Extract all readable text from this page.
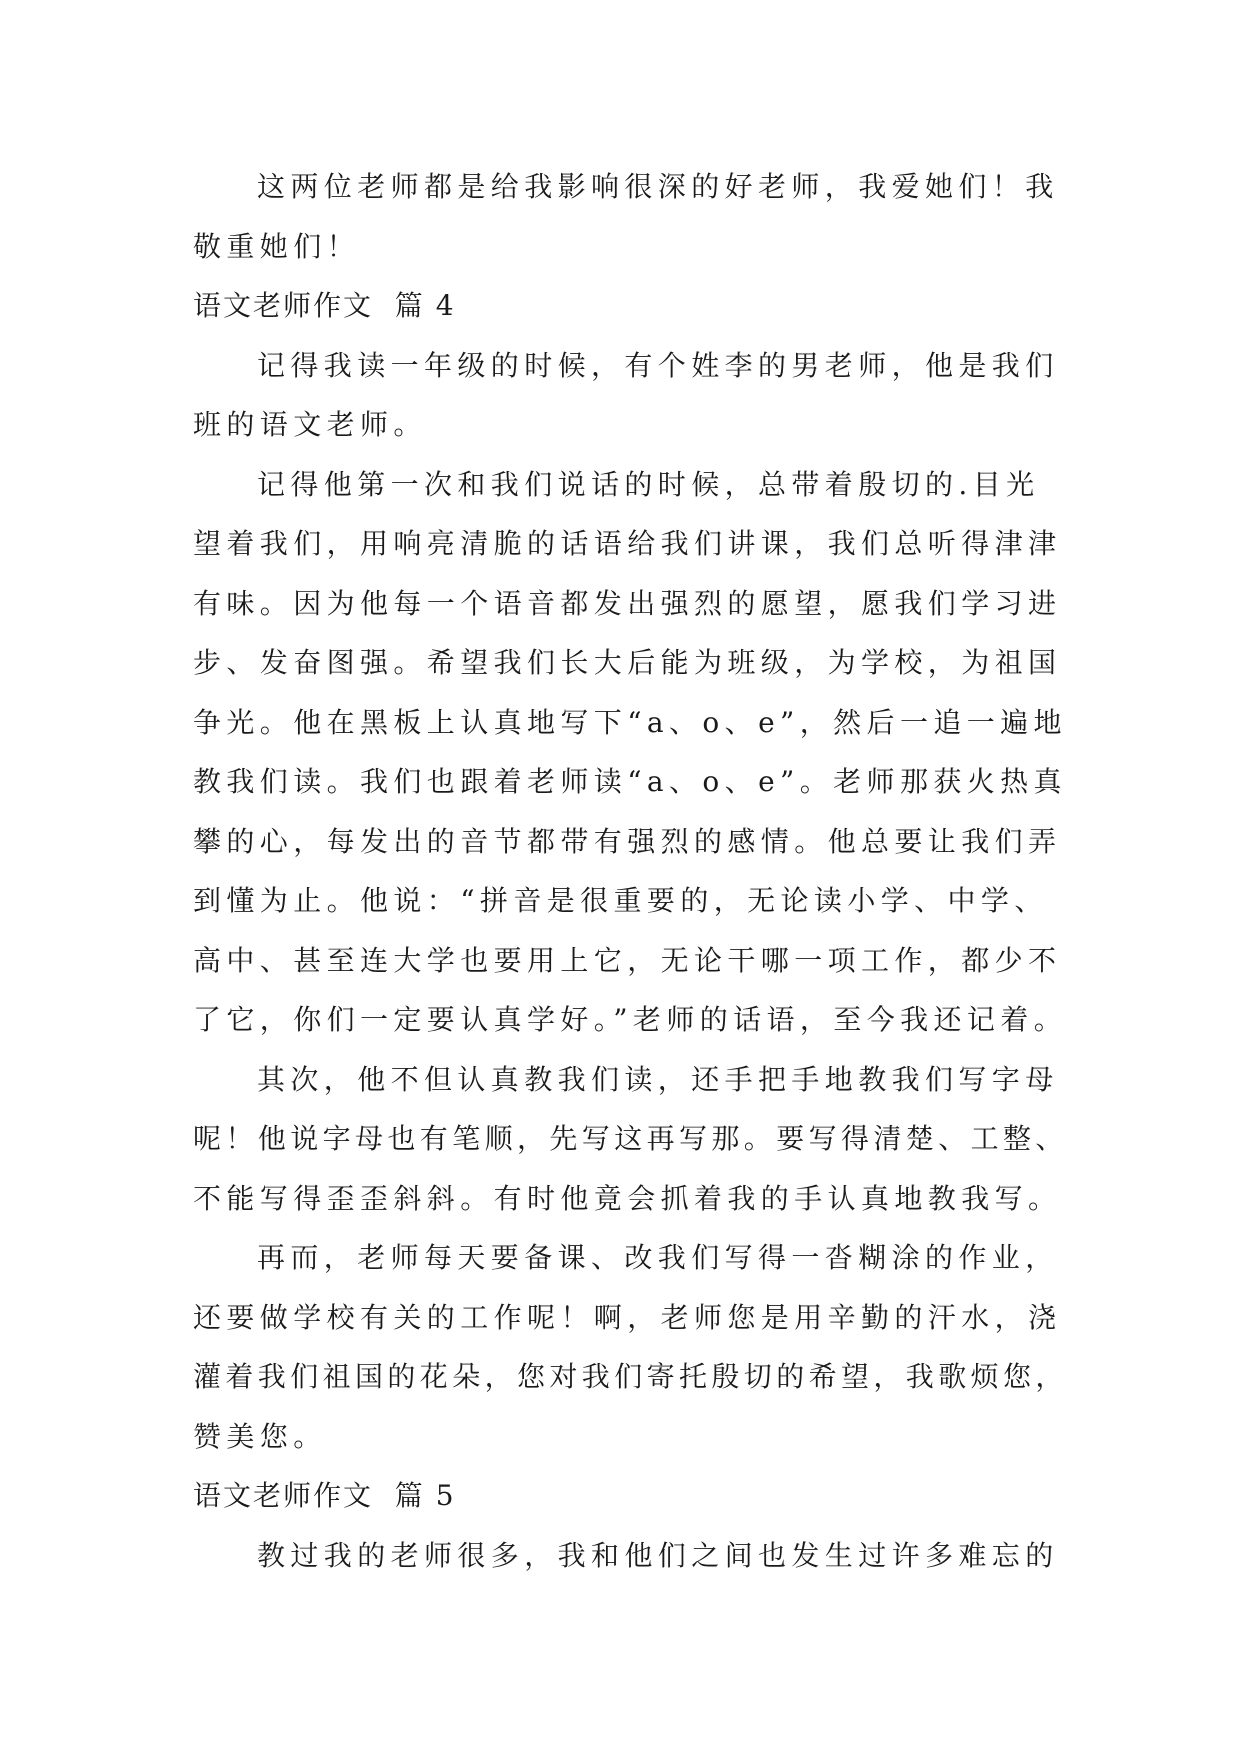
这两位老师都是给我影响很深的好老师，我爱她们！我
敬重她们！
语文老师作文  篇 4
记得我读一年级的时候，有个姓李的男老师，他是我们
班的语文老师。
记得他第一次和我们说话的时候，总带着殷切的.目光
望着我们，用响亮清脆的话语给我们讲课，我们总听得津津
有味。因为他每一个语音都发出强烈的愿望，愿我们学习进
步、发奋图强。希望我们长大后能为班级，为学校，为祖国
争光。他在黑板上认真地写下“a、o、e”，然后一追一遍地
教我们读。我们也跟着老师读“a、o、e”。老师那获火热真
攀的心，每发出的音节都带有强烈的感情。他总要让我们弄
到懂为止。他说：“拼音是很重要的，无论读小学、中学、
高中、甚至连大学也要用上它，无论干哪一项工作，都少不
了它，你们一定要认真学好。”老师的话语，至今我还记着。
其次，他不但认真教我们读，还手把手地教我们写字母
呢！他说字母也有笔顺，先写这再写那。要写得清楚、工整、
不能写得歪歪斜斜。有时他竟会抓着我的手认真地教我写。
再而，老师每天要备课、改我们写得一沓糊涂的作业，
还要做学校有关的工作呢！啊，老师您是用辛勤的汗水，浇
灌着我们祖国的花朵，您对我们寄托殷切的希望，我歌烦您，
赞美您。
语文老师作文  篇 5
教过我的老师很多，我和他们之间也发生过许多难忘的
